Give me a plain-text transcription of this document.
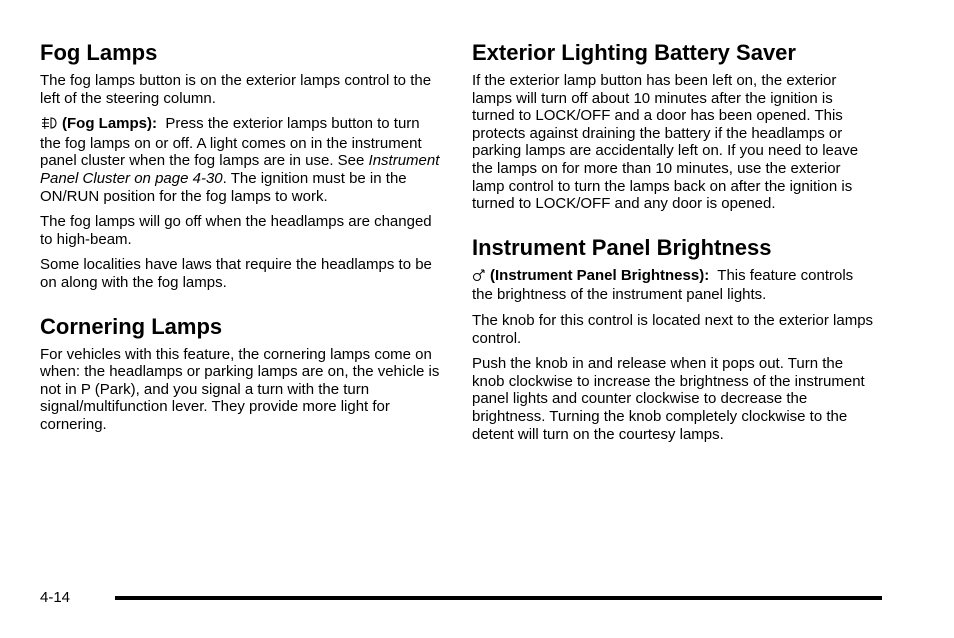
Fog Lamps

The fog lamps button is on the exterior lamps control to the left of the steering column.

(Fog Lamps): Press the exterior lamps button to turn the fog lamps on or off. A light comes on in the instrument panel cluster when the fog lamps are in use. See Instrument Panel Cluster on page 4‑30. The ignition must be in the ON/RUN position for the fog lamps to work.

The fog lamps will go off when the headlamps are changed to high-beam.

Some localities have laws that require the headlamps to be on along with the fog lamps.

Cornering Lamps

For vehicles with this feature, the cornering lamps come on when: the headlamps or parking lamps are on, the vehicle is not in P (Park), and you signal a turn with the turn signal/multifunction lever. They provide more light for cornering.

Exterior Lighting Battery Saver

If the exterior lamp button has been left on, the exterior lamps will turn off about 10 minutes after the ignition is turned to LOCK/OFF and a door has been opened. This protects against draining the battery if the headlamps or parking lamps are accidentally left on. If you need to leave the lamps on for more than 10 minutes, use the exterior lamp control to turn the lamps back on after the ignition is turned to LOCK/OFF and any door is opened.

Instrument Panel Brightness

(Instrument Panel Brightness): This feature controls the brightness of the instrument panel lights.

The knob for this control is located next to the exterior lamps control.

Push the knob in and release when it pops out. Turn the knob clockwise to increase the brightness of the instrument panel lights and counter clockwise to decrease the brightness. Turning the knob completely clockwise to the detent will turn on the courtesy lamps.

4-14
